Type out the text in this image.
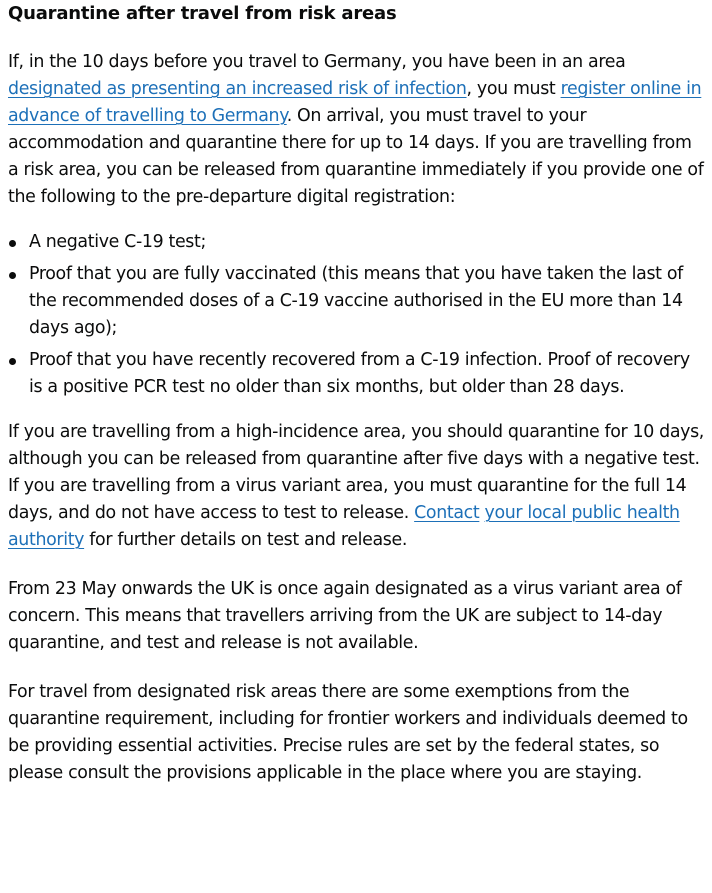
Quarantine after travel from risk areas

If, in the 10 days before you travel to Germany, you have been in an area designated as presenting an increased risk of infection, you must register online in advance of travelling to Germany. On arrival, you must travel to your accommodation and quarantine there for up to 14 days. If you are travelling from a risk area, you can be released from quarantine immediately if you provide one of the following to the pre-departure digital registration:

A negative C-19 test;
Proof that you are fully vaccinated (this means that you have taken the last of the recommended doses of a C-19 vaccine authorised in the EU more than 14 days ago);
Proof that you have recently recovered from a C-19 infection. Proof of recovery is a positive PCR test no older than six months, but older than 28 days.

If you are travelling from a high-incidence area, you should quarantine for 10 days, although you can be released from quarantine after five days with a negative test. If you are travelling from a virus variant area, you must quarantine for the full 14 days, and do not have access to test to release. Contact your local public health authority for further details on test and release.

From 23 May onwards the UK is once again designated as a virus variant area of concern. This means that travellers arriving from the UK are subject to 14-day quarantine, and test and release is not available.

For travel from designated risk areas there are some exemptions from the quarantine requirement, including for frontier workers and individuals deemed to be providing essential activities. Precise rules are set by the federal states, so please consult the provisions applicable in the place where you are staying.
